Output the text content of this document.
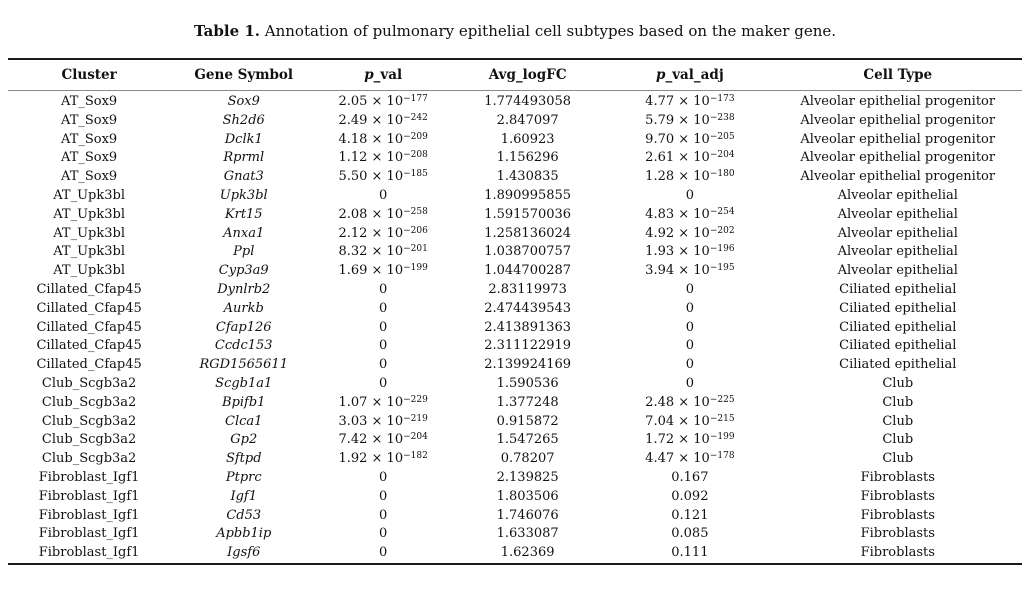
Table 1. Annotation of pulmonary epithelial cell subtypes based on the maker gene.
Cluster	Gene Symbol	p_val	Avg_logFC	p_val_adj	Cell Type
AT_Sox9	Sox9	$2.05 \times 10^{-177}$	1.774493058	$4.77 \times 10^{-173}$	Alveolar epithelial progenitor
AT_Sox9	Sh2d6	$2.49 \times 10^{-242}$	2.847097	$5.79 \times 10^{-238}$	Alveolar epithelial progenitor
AT_Sox9	Dclk1	$4.18 \times 10^{-209}$	1.60923	$9.70 \times 10^{-205}$	Alveolar epithelial progenitor
AT_Sox9	Rprml	$1.12 \times 10^{-208}$	1.156296	$2.61 \times 10^{-204}$	Alveolar epithelial progenitor
AT_Sox9	Gnat3	$5.50 \times 10^{-185}$	1.430835	$1.28 \times 10^{-180}$	Alveolar epithelial progenitor
AT_Upk3bl	Upk3bl	0	1.890995855	0	Alveolar epithelial
AT_Upk3bl	Krt15	$2.08 \times 10^{-258}$	1.591570036	$4.83 \times 10^{-254}$	Alveolar epithelial
AT_Upk3bl	Anxa1	$2.12 \times 10^{-206}$	1.258136024	$4.92 \times 10^{-202}$	Alveolar epithelial
AT_Upk3bl	Ppl	$8.32 \times 10^{-201}$	1.038700757	$1.93 \times 10^{-196}$	Alveolar epithelial
AT_Upk3bl	Cyp3a9	$1.69 \times 10^{-199}$	1.044700287	$3.94 \times 10^{-195}$	Alveolar epithelial
Cillated_Cfap45	Dynlrb2	0	2.83119973	0	Ciliated epithelial
Cillated_Cfap45	Aurkb	0	2.474439543	0	Ciliated epithelial
Cillated_Cfap45	Cfap126	0	2.413891363	0	Ciliated epithelial
Cillated_Cfap45	Ccdc153	0	2.311122919	0	Ciliated epithelial
Cillated_Cfap45	RGD1565611	0	2.139924169	0	Ciliated epithelial
Club_Scgb3a2	Scgb1a1	0	1.590536	0	Club
Club_Scgb3a2	Bpifb1	$1.07 \times 10^{-229}$	1.377248	$2.48 \times 10^{-225}$	Club
Club_Scgb3a2	Clca1	$3.03 \times 10^{-219}$	0.915872	$7.04 \times 10^{-215}$	Club
Club_Scgb3a2	Gp2	$7.42 \times 10^{-204}$	1.547265	$1.72 \times 10^{-199}$	Club
Club_Scgb3a2	Sftpd	$1.92 \times 10^{-182}$	0.78207	$4.47 \times 10^{-178}$	Club
Fibroblast_Igf1	Ptprc	0	2.139825	0.167	Fibroblasts
Fibroblast_Igf1	Igf1	0	1.803506	0.092	Fibroblasts
Fibroblast_Igf1	Cd53	0	1.746076	0.121	Fibroblasts
Fibroblast_Igf1	Apbb1ip	0	1.633087	0.085	Fibroblasts
Fibroblast_Igf1	Igsf6	0	1.62369	0.111	Fibroblasts
